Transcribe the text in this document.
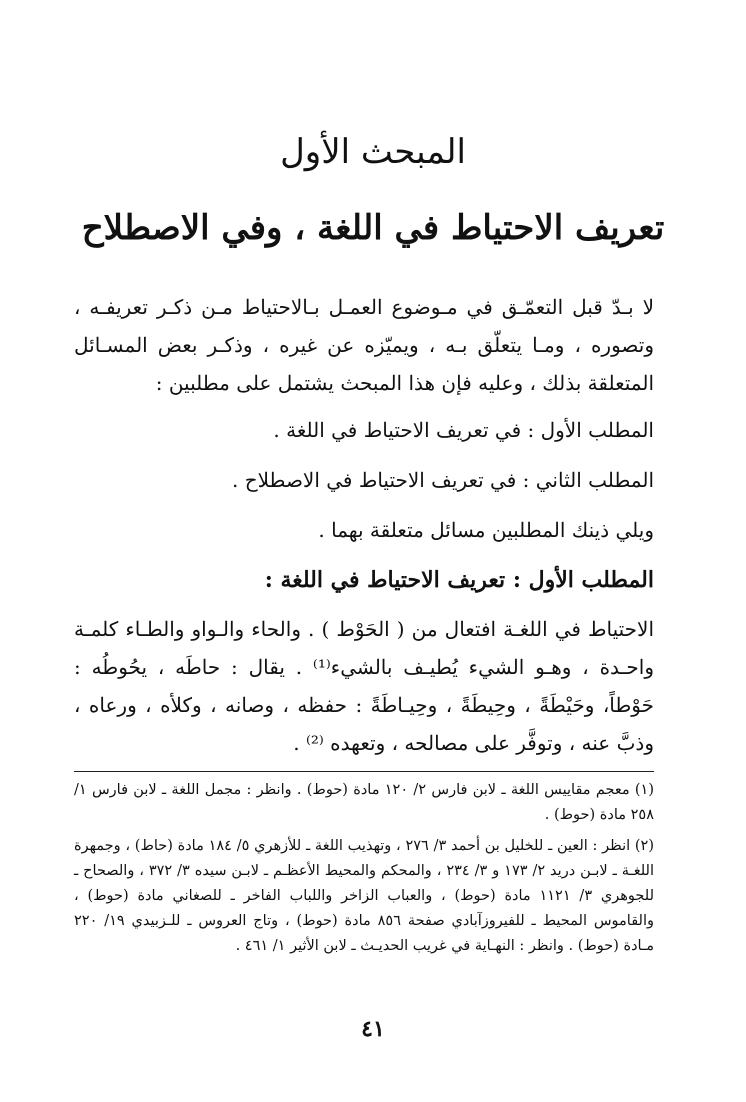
المبحث الأول
تعريف الاحتياط في اللغة ، وفي الاصطلاح

لا بـدّ قبل التعمّـق في مـوضوع العمـل بـالاحتياط مـن ذكـر تعريفـه ، وتصوره ، ومـا يتعلّق بـه ، ويميّزه عن غيره ، وذكـر بعض المسـائل المتعلقة بذلك ، وعليه فإن هذا المبحث يشتمل على مطلبين :

المطلب الأول : في تعريف الاحتياط في اللغة .

المطلب الثاني : في تعريف الاحتياط في الاصطلاح .

ويلي ذينك المطلبين مسائل متعلقة بهما .

المطلب الأول : تعريف الاحتياط في اللغة :

الاحتياط في اللغـة افتعال من ( الحَوْط ) . والحاء والـواو والطـاء كلمـة واحـدة ، وهـو الشيء يُطيـف بالشيء⁽¹⁾ . يقال : حاطَه ، يحُوطُه : حَوْطاً، وحَيْطَةً ، وحِيطَةً ، وحِيـاطَةً : حفظه ، وصانه ، وكلأه ، ورعاه ، وذبَّ عنه ، وتوفَّر على مصالحه ، وتعهده ⁽²⁾ .

(١) معجم مقاييس اللغة ـ لابن فارس ٢/ ١٢٠ مادة (حوط) . وانظر : مجمل اللغة ـ لابن فارس ١/ ٢٥٨ مادة (حوط) .

(٢) انظر : العين ـ للخليل بن أحمد ٣/ ٢٧٦ ، وتهذيب اللغة ـ للأزهري ٥/ ١٨٤ مادة (حاط) ، وجمهرة اللغـة ـ لابـن دريد ٢/ ١٧٣ و ٣/ ٢٣٤ ، والمحكم والمحيط الأعظـم ـ لابـن سيده ٣/ ٣٧٢ ، والصحاح ـ للجوهري ٣/ ١١٢١ مادة (حوط) ، والعباب الزاخر واللباب الفاخر ـ للصغاني مادة (حوط) ، والقاموس المحيط ـ للفيروزآبادي صفحة ٨٥٦ مادة (حوط) ، وتاج العروس ـ للـزبيدي ١٩/ ٢٢٠ مـادة (حوط) . وانظر : النهـاية في غريب الحديـث ـ لابن الأثير ١/ ٤٦١ .

٤١
